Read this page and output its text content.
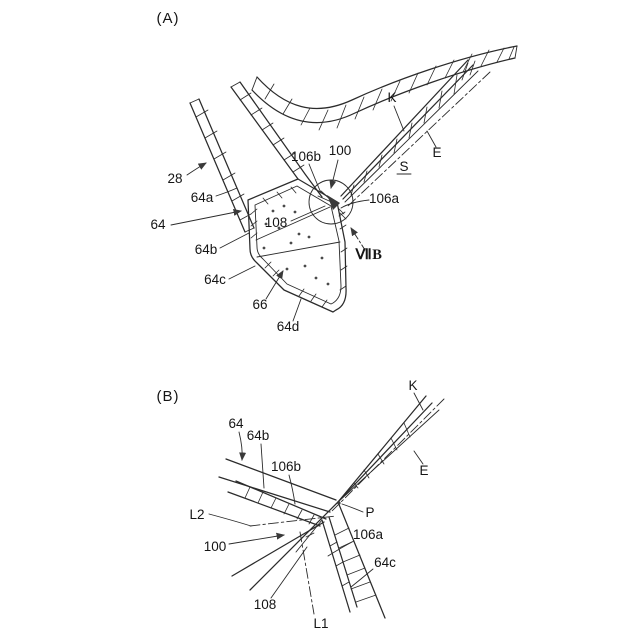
(A)
28
64a
64
64b
64c
66
64d
106b 100
108
106a
ⅦB
K
E
S
(B)
K
E
64
64b
106b
L2
100
P
106a
64c
108
L1
